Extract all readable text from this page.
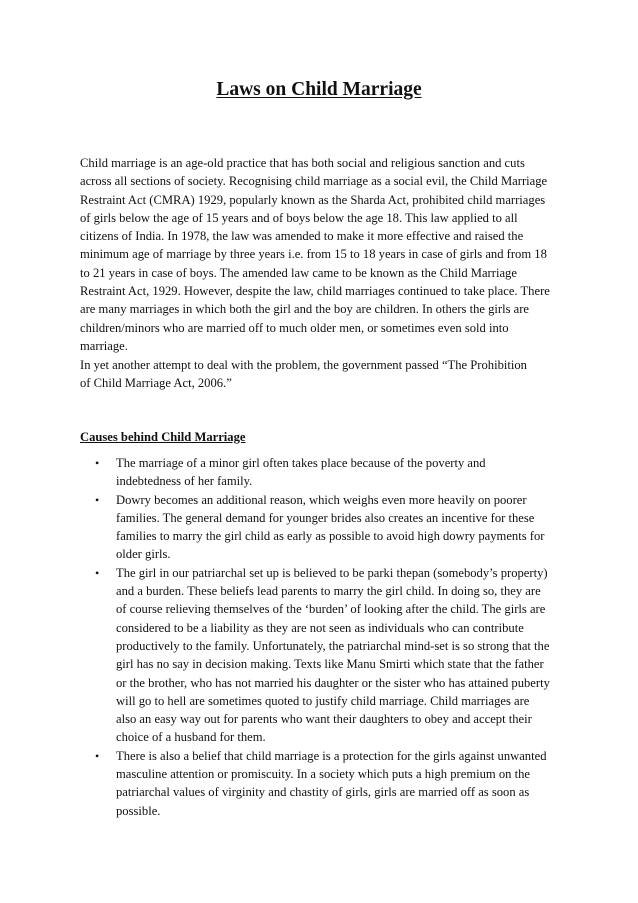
Laws on Child Marriage

Child marriage is an age-old practice that has both social and religious sanction and cuts
across all sections of society. Recognising child marriage as a social evil, the Child Marriage
Restraint Act (CMRA) 1929, popularly known as the Sharda Act, prohibited child marriages
of girls below the age of 15 years and of boys below the age 18. This law applied to all
citizens of India. In 1978, the law was amended to make it more effective and raised the
minimum age of marriage by three years i.e. from 15 to 18 years in case of girls and from 18
to 21 years in case of boys. The amended law came to be known as the Child Marriage
Restraint Act, 1929. However, despite the law, child marriages continued to take place. There
are many marriages in which both the girl and the boy are children. In others the girls are
children/minors who are married off to much older men, or sometimes even sold into
marriage.

In yet another attempt to deal with the problem, the government passed “The Prohibition
of Child Marriage Act, 2006.”

Causes behind Child Marriage
• The marriage of a minor girl often takes place because of the poverty and
indebtedness of her family.
• Dowry becomes an additional reason, which weighs even more heavily on poorer
families. The general demand for younger brides also creates an incentive for these
families to marry the girl child as early as possible to avoid high dowry payments for
older girls.
• The girl in our patriarchal set up is believed to be parki thepan (somebody’s property)
and a burden. These beliefs lead parents to marry the girl child. In doing so, they are
of course relieving themselves of the ‘burden’ of looking after the child. The girls are
considered to be a liability as they are not seen as individuals who can contribute
productively to the family. Unfortunately, the patriarchal mind-set is so strong that the
girl has no say in decision making. Texts like Manu Smirti which state that the father
or the brother, who has not married his daughter or the sister who has attained puberty
will go to hell are sometimes quoted to justify child marriage. Child marriages are
also an easy way out for parents who want their daughters to obey and accept their
choice of a husband for them.
• There is also a belief that child marriage is a protection for the girls against unwanted
masculine attention or promiscuity. In a society which puts a high premium on the
patriarchal values of virginity and chastity of girls, girls are married off as soon as
possible.
